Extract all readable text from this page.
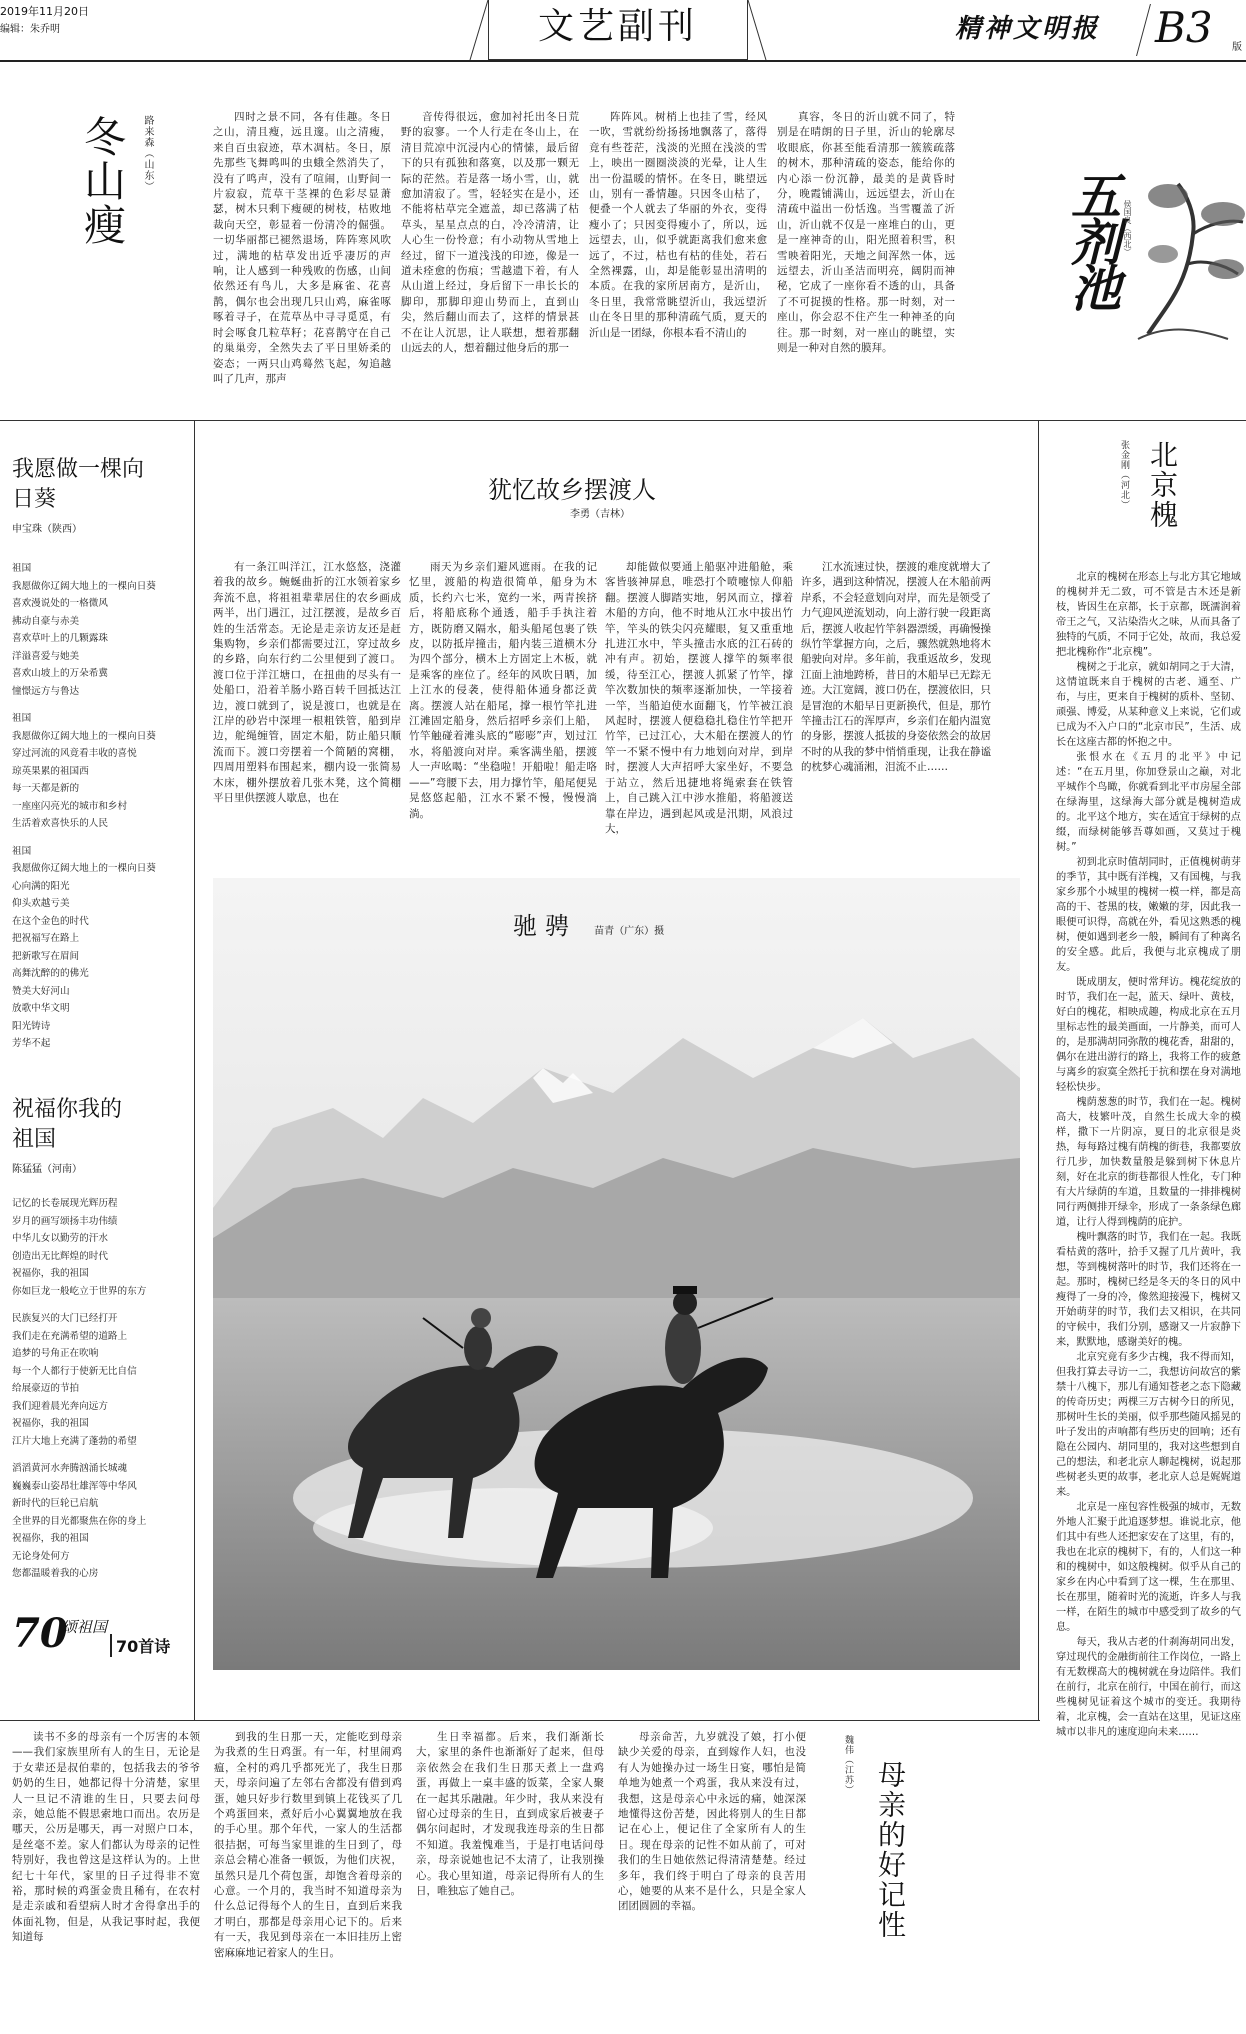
2019年11月20日
编辑：朱乔明	文艺副刊	精神文明报 B3 版
冬山瘦	路来森（山东）	四时之景不同，各有佳趣。冬日之山，清且瘦，远且邃。山之清瘦，来自百虫寂迹，草木凋枯。冬日，原先那些飞舞鸣叫的虫蛾全然消失了，没有了鸣声，没有了喧闹，山野间一片寂寂，荒草干茎裸的色彩尽显萧瑟，树木只剩下瘦硬的树枝，枯败地裁向天空，彰显着一份清冷的倔强。一切华丽都已褪然退场，阵阵寒风吹过，满地的枯草发出近乎凄厉的声响，让人感到一种残败的伤感，山间依然还有鸟儿，大多是麻雀、花喜鹊，偶尔也会出现几只山鸡，麻雀啄啄着寻子，在荒草丛中寻寻觅觅，有时会啄食几粒草籽；花喜鹊守在自己的巢巢旁，全然失去了平日里娇柔的姿态；一两只山鸡蓦然飞起，匆追越叫了几声，那声

音传得很远，愈加衬托出冬日荒野的寂寥。一个人行走在冬山上，在清目荒凉中沉浸内心的情愫，最后留下的只有孤独和落寞，以及那一颗无际的茫然。若是落一场小雪，山，就愈加清寂了。雪，轻轻实在是小，还不能将枯草完全遮盖，却已落满了枯草头，星星点点的白，冷冷清清，让人心生一份怜意；有小动物从雪地上经过，留下一道浅浅的印迹，像是一道未痊愈的伤痕；雪越遗下着，有人从山道上经过，身后留下一串长长的脚印，那脚印迎山势而上，直到山尖，然后翻山而去了，这样的情景甚不在让人沉思，让人联想，想着那翻山远去的人，想着翻过他身后的那一

阵阵风。树梢上也挂了雪，经风一吹，雪就纷纷扬扬地飘落了，落得竟有些苍茫，浅淡的光照在浅淡的雪上，映出一圈圈淡淡的光晕，让人生出一份温暖的情怀。在冬日，眺望远山，别有一番情趣。只因冬山枯了，便叠一个人就去了华丽的外衣，变得瘦小了；只因变得瘦小了，所以，远远望去，山，似乎就距离我们愈来愈远了，不过，枯也有枯的佳处，若石全然裸露，山，却是能彰显出清明的本质。在我的家所居南方，是沂山，冬日里，我常常眺望沂山，我远望沂山在冬日里的那种清疏气质，夏天的沂山是一团绿，你根本看不清山的

真容，冬日的沂山就不同了，特别是在晴朗的日子里，沂山的轮廓尽收眼底，你甚至能看清那一簇簇疏落的树木，那种清疏的姿态，能给你的内心添一份沉静，最美的是黄昏时分，晚霞铺满山，远远望去，沂山在清疏中溢出一份恬逸。当雪覆盖了沂山，沂山就不仅是一座堆白的山，更是一座神奇的山，阳光照着积雪，积雪映着阳光，天地之间浑然一体，远远望去，沂山圣洁而明亮，阔阴而神秘，它成了一座你看不透的山，具备了不可捉摸的性格。那一时刻，对一座山，你会忍不住产生一种神圣的向往。那一时刻，对一座山的眺望，实则是一种对自然的膜拜。

五剂池 侯国良（西北）
我愿做一棵向日葵
申宝珠（陕西）
祖国
我愿做你辽阔大地上的一棵向日葵
喜欢漫说处的一格微风
拂动自豪与赤美
喜欢草叶上的几颗露珠
洋溢喜爱与她美
喜欢山坡上的万朵希冀
憧憬远方与鲁达
祖国
我愿做你辽阔大地上的一棵向日葵
穿过河流的风竟看丰收的喜悦
琼英果累的祖国西
每一天都是新的
一座座闪亮光的城市和乡村
生活着欢喜快乐的人民
祖国
我愿做你辽阔大地上的一棵向日葵
心向满的阳光
仰头欢越亏美
在这个金色的时代
把祝福写在路上
把新歌写在眉间
高舞沈醉的的佛光
赞美大好河山
放歌中华文明
阳光铸诗
芳华不起
祝福你我的祖国
陈猛猛（河南）
记忆的长卷展现光辉历程
岁月的画写颂扬丰功伟绩
中华儿女以勤劳的汗水
创造出无比辉煌的时代
祝福你，我的祖国
你如巨龙一般屹立于世界的东方
民族复兴的大门已经打开
我们走在充满希望的道路上
追梦的号角正在吹响
每一个人都行于使新无比自信
给展豪迈的节拍
我们迎着晨光奔向远方
祝福你，我的祖国
江片大地上充满了蓬勃的希望
滔滔黄河水奔腾汹涌长城魂
巍巍泰山姿昂壮雄浑等中华风
新时代的巨轮已启航
全世界的目光都聚焦在你的身上
祝福你，我的祖国
无论身处何方
您都温暖着我的心房
70
颂祖国
70首诗
犹忆故乡摆渡人
李勇（吉林）

有一条江叫洋江，江水悠悠，浇灌着我的故乡。蜿蜒曲折的江水领着家乡奔流不息，将祖祖辈辈居住的农乡画成两半，出门遇江，过江摆渡，是故乡百姓的生活常态。无论是走亲访友还是赶集购物，乡亲们都需要过江，穿过故乡的乡路，向东行约二公里便到了渡口。渡口位于洋江塘口，在扭曲的尽头有一处船口，沿着羊肠小路百转千回抵达江边，渡口就到了，说是渡口，也就是在江岸的砂岩中深埋一根粗铁管，船到岸边，舵绳缠管，固定木船，防止船只顺流而下。渡口旁摆着一个简陋的窝棚，四周用塑料布围起来，棚内设一张简易木床，棚外摆放着几张木凳，这个简棚平日里供摆渡人歇息，也在

雨天为乡亲们避风遮雨。在我的记忆里，渡船的构造很简单，船身为木质，长约六七米，宽约一米，两青挨挤后，将船底称个通透，船手手执注着方，既防磨又隔水，船头船尾包裹了铁皮，以防抵岸撞击，船内装三道横木分为四个部分，横木上方固定上木板，就是乘客的座位了。经年的风吹日晒，加上江水的侵袭，使得船体通身都泛黄离。摆渡人站在船尾，撑一根竹竿扎进江滩固定船身，然后招呼乡亲们上船，竹竿触碰着滩头底的“嘭嘭”声，划过江水，将船渡向对岸。乘客满坐船，摆渡人一声吆喝：“坐稳啦！开船啦！船走咯——”弯腰下去，用力撑竹竿，船尾便晃晃悠悠起船，江水不紧不慢，慢慢淌淌。

却能做似要通上船驱冲进船舱，乘客皆骇神屏息，唯恐打个喷嚏惊人仰船翻。摆渡人脚踏实地，躬风而立，撑着木船的方向，他不时地从江水中拔出竹竿，竿头的铁尖闪亮耀眼，复又重重地扎进江水中，竿头撞击水底的江石砖的冲有声。初始，摆渡人撑竿的频率很缓，待至江心，摆渡人抓紧了竹竿，撑竿次数加快的频率逐渐加快，一竿接着一竿，当船迫使水面翻飞，竹竿被江浪风起时，摆渡人便稳稳扎稳住竹竿把开竹竿，已过江心，大木船在摆渡人的竹竿一不紧不慢中有力地划向对岸，到岸时，摆渡人大声招呼大家坐好，不要急于站立，然后迅捷地将绳索套在铁管上，自己跳入江中涉水推船，将船渡送靠在岸边，遇到起风或是汛期，风浪过大，

江水流速过快，摆渡的难度就增大了许多，遇到这种情况，摆渡人在木船前两岸系，不会轻意划向对岸，而先是领受了力气迎风逆流划动，向上游行驶一段距离后，摆渡人收起竹竿斜器漂缓，再确慢操纵竹竿掌握方向，之后，骤然就熟地将木船驶向对岸。多年前，我重返故乡，发现江面上油地跨桥，昔日的木船早已无踪无迹。大江宽阔，渡口仍在，摆渡依旧，只是冒泡的木船早日更新换代，但是，那竹竿撞击江石的浑厚声，乡亲们在船内温宽的身影，摆渡人抵拔的身姿依然会的故居不时的从我的梦中悄悄重现，让我在静谧的枕梦心魂涌湘，泪流不止……

驰骋 苗青（广东）摄
北京槐
张金刚（河北）

北京的槐树在形态上与北方其它地域的槐树并无二致，可不管是古木还是新枝，皆因生在京都，长于京都，既濡润着帝王之气，又沾染浩火之味，从而具备了独特的气质，不同于它处，故而，我总爱把北槐称作“北京槐”。

槐树之于北京，就如胡同之于大清，这情谊既来自于槐树的古老、通至、广布，与庄，更来自于槐树的质朴、坚韧、顽强、博爱，从某种意义上来说，它们或已成为不入户口的“北京市民”，生活、成长在这座古都的怀抱之中。

张恨水在《五月的北平》中记述：“在五月里，你加登景山之巅，对北平城作个鸟瞰，你就看到北平市房屋全部在绿海里，这绿海大部分就是槐树造成的。北平这个地方，实在适宜于绿树的点缀，而绿树能够吾尊如画，又莫过于槐树。”

初到北京时值胡同时，正值槐树萌芽的季节，其中既有洋槐，又有国槐，与我家乡那个小城里的槐树一模一样，都是高高的干、苍黑的枝，嫩嫩的芽，因此我一眼便可识得，高就在外，看见这熟悉的槐树，便如遇到老乡一般，瞬间有了种离名的安全感。此后，我便与北京槐成了朋友。

既成朋友，便时常拜访。槐花绽放的时节，我们在一起，蓝天、绿叶、黄枝，好白的槐花，相映成趣，构成北京在五月里标志性的最美画面，一片静美，而可人的，是那满胡同弥散的槐花香，甜甜的，偶尔在进出游行的路上，我将工作的疲惫与离乡的寂寞全然托于抗和摆在身对满地轻松快步。

槐荫葱葱的时节，我们在一起。槐树高大，枝繁叶茂，自然生长成大伞的模样，撒下一片阴凉，夏日的北京很是炎热，每每路过槐有荫槐的街巷，我都要放行几步，加快数量般是躲到树下休息片刻，好在北京的街巷都很人性化，专门种有大片绿荫的车道，且数量的一排排槐树同行两侧排开绿伞，形成了一条条绿色廊道，让行人得到槐荫的庇护。

槐叶飘落的时节，我们在一起。我既看枯黄的落叶，拾手又握了几片黄叶，我想，等到槐树落叶的时节，我们还将在一起。那时，槐树已经是冬天的冬日的风中瘦得了一身的冷，像然迎接漫下，槐树又开始萌芽的时节，我们去又相识，在共同的守候中，我们分别，感谢又一片寂静下来，默默地，感谢美好的槐。

北京究竟有多少古槐，我不得而知，但我打算去寻访一二，我想访问故宫的紫禁十八槐下，那儿有通知苍老之态下隐藏的传奇历史；两棵三万古树今日的所见，那树叶生长的美丽，似乎那些随风摇晃的叶子发出的声响都有些历史的回响；还有隐在公园内、胡同里的，我对这些想到自己的想法，和老北京人聊起槐树，说起那些树老头更的故事，老北京人总是娓娓道来。

北京是一座包容性极强的城市，无数外地人汇聚于此追逐梦想。谁说北京，他们其中有些人还把家安在了这里，有的，我也在北京的槐树下，有的，人们这一种和的槐树中，如这般槐树。似乎从自己的家乡在内心中看到了这一棵，生在那里、长在那里，随着时光的流逝，许多人与我一样，在陌生的城市中感受到了故乡的气息。

每天，我从古老的什刹海胡同出发，穿过现代的金融街前往工作岗位，一路上有无数棵高大的槐树就在身边陪伴。我们在前行，北京在前行，中国在前行，而这些槐树见证着这个城市的变迁。我期待着，北京槐，会一直站在这里，见证这座城市以非凡的速度迎向未来……

读书不多的母亲有一个厉害的本领——我们家族里所有人的生日，无论是于女辈还是叔伯辈的，包括我去的爷爷奶奶的生日，她都记得十分清楚，家里人一旦记不清谁的生日，只要去问母亲，她总能不假思索地口而出。农历是哪天，公历是哪天，再一对照户口本，是丝毫不差。家人们都认为母亲的记性特别好，我也曾这是这样认为的。上世纪七十年代，家里的日子过得非不宽裕，那时候的鸡蛋金贵且稀有，在农村是走亲戚和看望病人时才舍得拿出手的体面礼物，但是，从我记事时起，我便知道每

到我的生日那一天，定能吃到母亲为我煮的生日鸡蛋。有一年，村里闹鸡瘟，全村的鸡几乎都死光了，我生日那天，母亲问遍了左邻右舍都没有借到鸡蛋，她只好步行数里到镇上花钱买了几个鸡蛋回来，煮好后小心翼翼地放在我的手心里。那个年代，一家人的生活都很拮据，可每当家里谁的生日到了，母亲总会精心准备一顿饭，为他们庆祝，虽然只是几个荷包蛋，却饱含着母亲的心意。一个月的，我当时不知道母亲为什么总记得每个人的生日，直到后来我才明白，那都是母亲用心记下的。后来有一天，我见到母亲在一本旧挂历上密密麻麻地记着家人的生日。

生日幸福都。后来，我们渐渐长大，家里的条件也渐渐好了起来，但母亲依然会在我们生日那天煮上一盘鸡蛋，再做上一桌丰盛的饭菜，全家人聚在一起其乐融融。年少时，我从来没有留心过母亲的生日，直到成家后被妻子偶尔问起时，才发现我连母亲的生日都不知道。我羞愧难当，于是打电话问母亲，母亲说她也记不太清了，让我别操心。我心里知道，母亲记得所有人的生日，唯独忘了她自己。

母亲命苦，九岁就没了娘，打小便缺少关爱的母亲，直到嫁作人妇，也没有人为她操办过一场生日宴，哪怕是简单地为她煮一个鸡蛋，我从来没有过，我想，这是母亲心中永远的痛，她深深地懂得这份苦楚，因此将别人的生日都记在心上，便记住了全家所有人的生日。现在母亲的记性不如从前了，可对我们的生日她依然记得清清楚楚。经过多年，我们终于明白了母亲的良苦用心，她要的从来不是什么，只是全家人团团圆圆的幸福。	母亲的好记性
魏伟（江苏）
